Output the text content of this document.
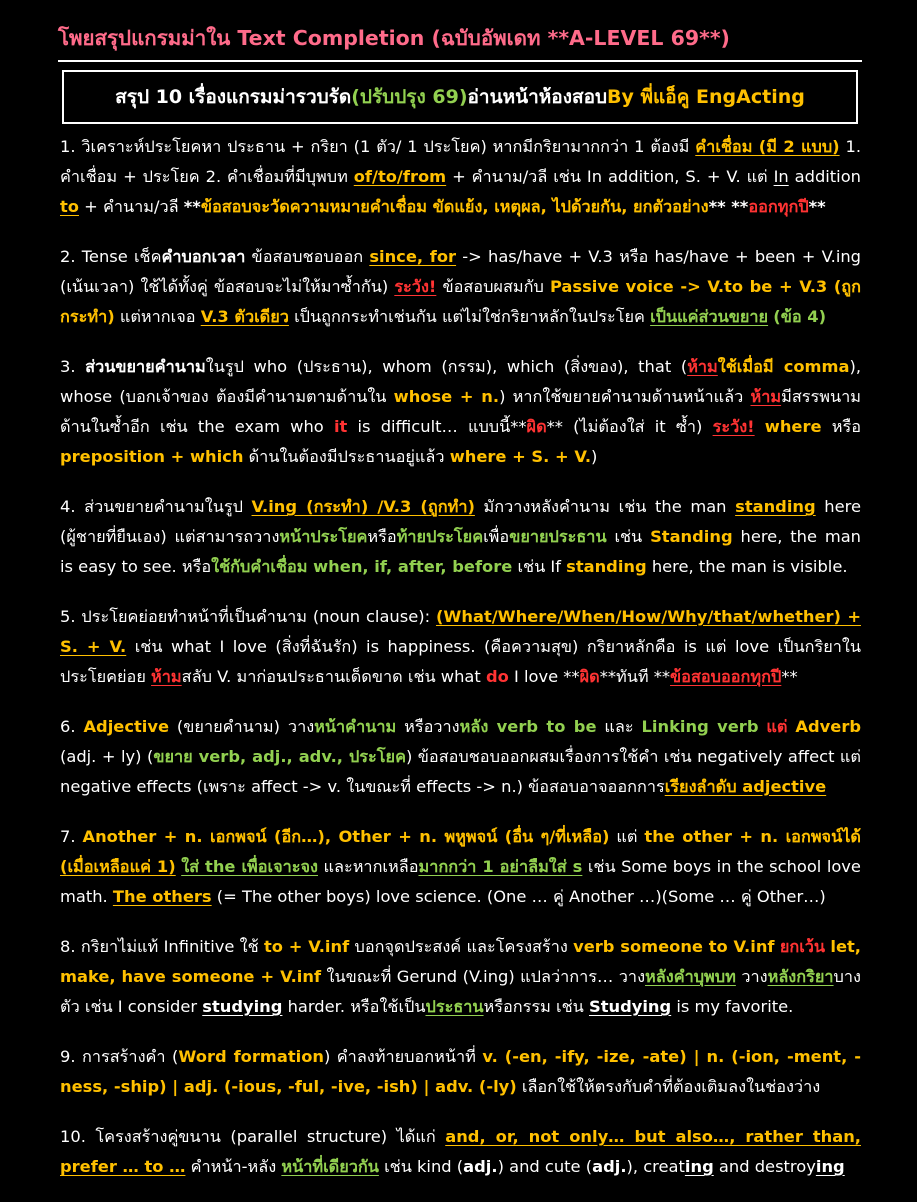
โพยสรุปแกรมม่าใน Text Completion (ฉบับอัพเดท **A-LEVEL 69**)
สรุป 10 เรื่องแกรมม่ารวบรัด (ปรับปรุง 69) อ่านหน้าห้องสอบ By พี่แอ็คู EngActing

1. วิเคราะห์ประโยคหา ประธาน + กริยา (1 ตัว/ 1 ประโยค) หากมีกริยามากกว่า 1 ต้องมี คำเชื่อม (มี 2 แบบ) 1. คำเชื่อม + ประโยค 2. คำเชื่อมที่มีบุพบท of/to/from + คำนาม/วลี เช่น In addition, S. + V. แต่ In addition to + คำนาม/วลี **ข้อสอบจะวัดความหมายคำเชื่อม ขัดแย้ง, เหตุผล, ไปด้วยกัน, ยกตัวอย่าง** **ออกทุกปี**

2. Tense เช็คคำบอกเวลา ข้อสอบชอบออก since, for -> has/have + V.3 หรือ has/have + been + V.ing (เน้นเวลา) ใช้ได้ทั้งคู่ ข้อสอบจะไม่ให้มาซ้ำกัน) ระวัง! ข้อสอบผสมกับ Passive voice -> V.to be + V.3 (ถูกกระทำ) แต่หากเจอ V.3 ตัวเดียว เป็นถูกกระทำเช่นกัน แต่ไม่ใช่กริยาหลักในประโยค เป็นแค่ส่วนขยาย (ข้อ 4)

3. ส่วนขยายคำนามในรูป who (ประธาน), whom (กรรม), which (สิ่งของ), that (ห้ามใช้เมื่อมี comma), whose (บอกเจ้าของ ต้องมีคำนามตามด้านใน whose + n.) หากใช้ขยายคำนามด้านหน้าแล้ว ห้ามมีสรรพนามด้านในซ้ำอีก เช่น the exam who it is difficult… แบบนี้**ผิด** (ไม่ต้องใส่ it ซ้ำ) ระวัง! where หรือ preposition + which ด้านในต้องมีประธานอยู่แล้ว where + S. + V.)

4. ส่วนขยายคำนามในรูป V.ing (กระทำ) /V.3 (ถูกทำ) มักวางหลังคำนาม เช่น the man standing here (ผู้ชายที่ยืนเอง) แต่สามารถวางหน้าประโยคหรือท้ายประโยคเพื่อขยายประธาน เช่น Standing here, the man is easy to see. หรือใช้กับคำเชื่อม when, if, after, before เช่น If standing here, the man is visible.

5. ประโยคย่อยทำหน้าที่เป็นคำนาม (noun clause): (What/Where/When/How/Why/that/whether) + S. + V. เช่น what I love (สิ่งที่ฉันรัก) is happiness. (คือความสุข) กริยาหลักคือ is แต่ love เป็นกริยาในประโยคย่อย ห้ามสลับ V. มาก่อนประธานเด็ดขาด เช่น what do I love **ผิด**ทันที **ข้อสอบออกทุกปี**

6. Adjective (ขยายคำนาม) วางหน้าคำนาม หรือวางหลัง verb to be และ Linking verb แต่ Adverb (adj. + ly) (ขยาย verb, adj., adv., ประโยค) ข้อสอบชอบออกผสมเรื่องการใช้คำ เช่น negatively affect แต่ negative effects (เพราะ affect -> v. ในขณะที่ effects -> n.) ข้อสอบอาจออกการเรียงลำดับ adjective

7. Another + n. เอกพจน์ (อีก…), Other + n. พหูพจน์ (อื่น ๆ/ที่เหลือ) แต่ the other + n. เอกพจน์ได้ (เมื่อเหลือแค่ 1) ใส่ the เพื่อเจาะจง และหากเหลือมากกว่า 1 อย่าลืมใส่ s เช่น Some boys in the school love math. The others (= The other boys) love science. (One … คู่ Another …)(Some … คู่ Other…)

8. กริยาไม่แท้ Infinitive ใช้ to + V.inf บอกจุดประสงค์ และโครงสร้าง verb someone to V.inf ยกเว้น let, make, have someone + V.inf ในขณะที่ Gerund (V.ing) แปลว่าการ… วางหลังคำบุพบท วางหลังกริยาบางตัว เช่น I consider studying harder. หรือใช้เป็นประธานหรือกรรม เช่น Studying is my favorite.

9. การสร้างคำ (Word formation) คำลงท้ายบอกหน้าที่ v. (-en, -ify, -ize, -ate) | n. (-ion, -ment, -ness, -ship) | adj. (-ious, -ful, -ive, -ish) | adv. (-ly) เลือกใช้ให้ตรงกับคำที่ต้องเติมลงในช่องว่าง

10. โครงสร้างคู่ขนาน (parallel structure) ได้แก่ and, or, not only… but also…, rather than, prefer … to … คำหน้า-หลัง หน้าที่เดียวกัน เช่น kind (adj.) and cute (adj.), creating and destroying
